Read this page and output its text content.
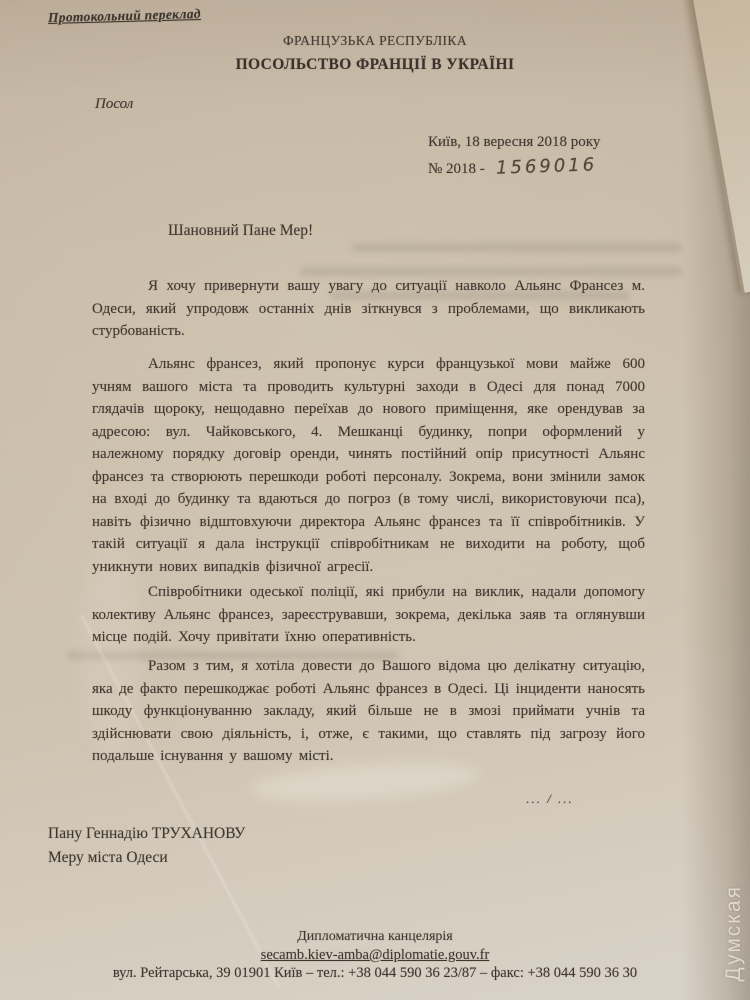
Протокольний переклад
ФРАНЦУЗЬКА РЕСПУБЛІКА
ПОСОЛЬСТВО ФРАНЦІЇ В УКРАЇНІ
Посол
Київ, 18 вересня 2018 року
№ 2018 - 1569016
Шановний Пане Мер!

Я хочу привернути вашу увагу до ситуації навколо Альянс Франсез м. Одеси, який упродовж останніх днів зіткнувся з проблемами, що викликають стурбованість.

Альянс франсез, який пропонує курси французької мови майже 600 учням вашого міста та проводить культурні заходи в Одесі для понад 7000 глядачів щороку, нещодавно переїхав до нового приміщення, яке орендував за адресою: вул. Чайковського, 4. Мешканці будинку, попри оформлений у належному порядку договір оренди, чинять постійний опір присутності Альянс франсез та створюють перешкоди роботі персоналу. Зокрема, вони змінили замок на вході до будинку та вдаються до погроз (в тому числі, використовуючи пса), навіть фізично відштовхуючи директора Альянс франсез та її співробітників. У такій ситуації я дала інструкції співробітникам не виходити на роботу, щоб уникнути нових випадків фізичної агресії.

Співробітники одеської поліції, які прибули на виклик, надали допомогу колективу Альянс франсез, зареєструвавши, зокрема, декілька заяв та оглянувши місце подій. Хочу привітати їхню оперативність.

Разом з тим, я хотіла довести до Вашого відома цю делікатну ситуацію, яка де факто перешкоджає роботі Альянс франсез в Одесі. Ці інциденти наносять шкоду функціонуванню закладу, який більше не в змозі приймати учнів та здійснювати свою діяльність, і, отже, є такими, що ставлять під загрозу його подальше існування у вашому місті.

... / ...
Пану Геннадію ТРУХАНОВУ
Меру міста Одеси
Дипломатична канцелярія
secamb.kiev-amba@diplomatie.gouv.fr
вул. Рейтарська, 39 01901 Київ – тел.: +38 044 590 36 23/87 – факс: +38 044 590 36 30	Думская
